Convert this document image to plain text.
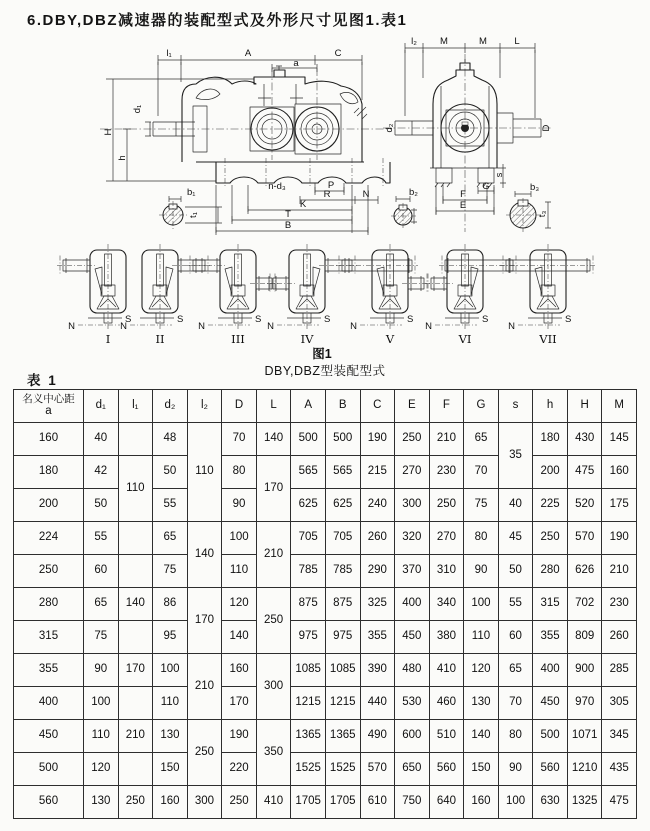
6.DBY,DBZ减速器的装配型式及外形尺寸见图1.表1
l₁	A	C
a
H
h
d₁
n-d₃	P
R	N
K
T
B
b₁
t₁
l₂ M	M	L
d₂	D
s
G
F
E
b₂	b₃
t₃
S
N
I
S
N
II
S
N
III
S
N
IV
S
N
V
S
N
VI
S
N
VII
图1
DBY,DBZ型装配型式
表 1
名义中心距
a	d₁	l₁	d₂	l₂	D	L	A	B	C	E	F	G	s	h	H	M
160	40		48	110	70	140	500	500	190	250	210	65	35	180	430	145
180	42	110	50		80	170	565	565	215	270	230	70		200	475	160
200	50		55		90		625	625	240	300	250	75	40	225	520	175
224	55		65	140	100	210	705	705	260	320	270	80	45	250	570	190
250	60		75		110		785	785	290	370	310	90	50	280	626	210
280	65	140	86	170	120	250	875	875	325	400	340	100	55	315	702	230
315	75		95		140		975	975	355	450	380	110	60	355	809	260
355	90	170	100	210	160	300	1085	1085	390	480	410	120	65	400	900	285
400	100		110		170		1215	1215	440	530	460	130	70	450	970	305
450	110	210	130	250	190	350	1365	1365	490	600	510	140	80	500	1071	345
500	120		150		220		1525	1525	570	650	560	150	90	560	1210	435
560	130	250	160	300	250	410	1705	1705	610	750	640	160	100	630	1325	475
